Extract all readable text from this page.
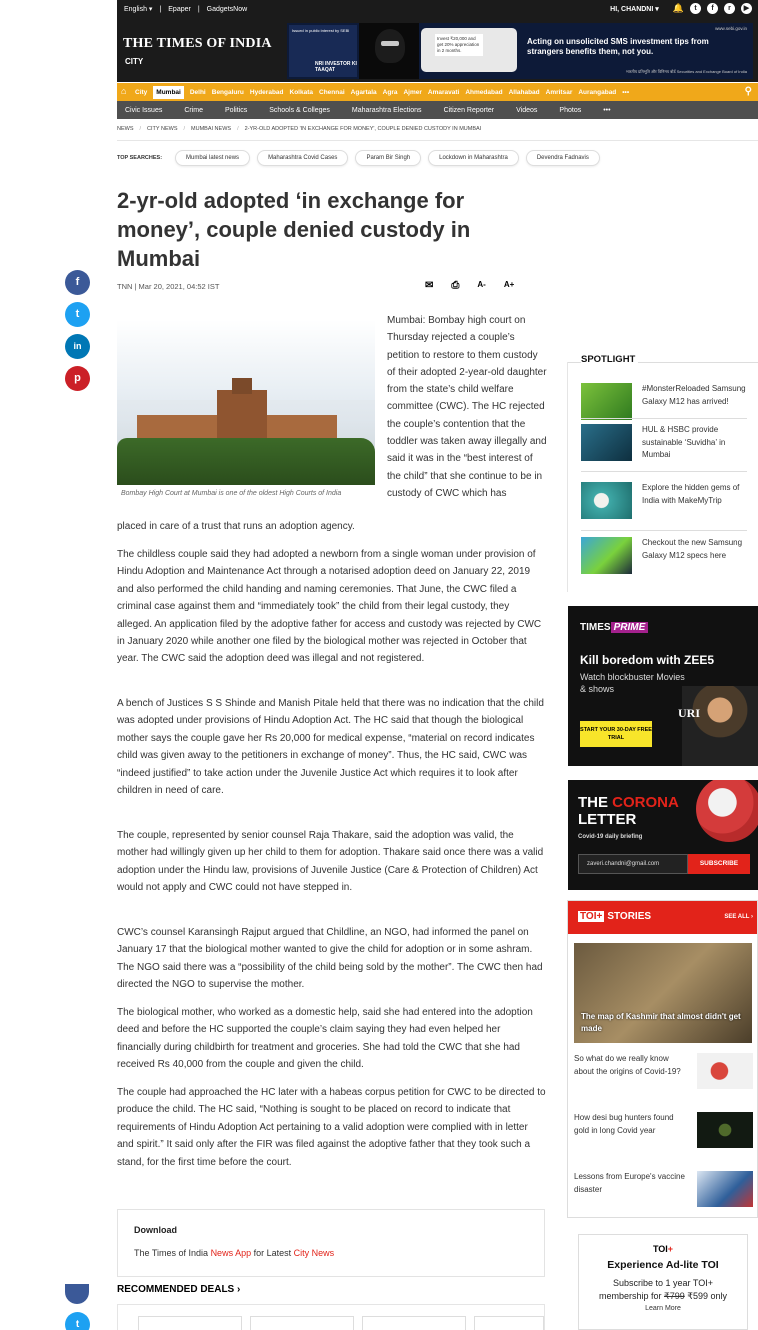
English ▾ | Epaper | GadgetsNow	HI, CHANDNI ▾ 🔔	t	f	r	▶
THE TIMES OF INDIA
CITY
Issued in public interest by SEBI
NRI INVESTOR KI TAAQAT
Invest ₹20,000 and get 20% appreciation in 2 months.
Acting on unsolicited SMS investment tips from strangers benefits them, not you.
www.sebi.gov.in
भारतीय प्रतिभूति और विनिमय बोर्ड Securities and Exchange Board of India
⌂	City	Mumbai	Delhi Bengaluru Hyderabad Kolkata Chennai Agartala Agra Ajmer Amaravati Ahmedabad Allahabad Amritsar Aurangabad •••	⚲
Civic Issues	Crime	Politics	Schools & Colleges	Maharashtra Elections	Citizen Reporter	Videos	Photos	•••
NEWS / CITY NEWS / MUMBAI NEWS / 2-YR-OLD ADOPTED 'IN EXCHANGE FOR MONEY', COUPLE DENIED CUSTODY IN MUMBAI
TOP SEARCHES:	Mumbai latest news	Maharashtra Covid Cases	Param Bir Singh	Lockdown in Maharashtra	Devendra Fadnavis
2-yr-old adopted ‘in exchange for money’, couple denied custody in Mumbai
TNN | Mar 20, 2021, 04:52 IST	✉ ⎙ A- A+
f
t
in
p
t
Bombay High Court at Mumbai is one of the oldest High Courts of India
Mumbai: Bombay high court on Thursday rejected a couple’s petition to restore to them custody of their adopted 2-year-old daughter from the state’s child welfare committee (CWC). The HC rejected the couple’s contention that the toddler was taken away illegally and said it was in the “best interest of the child” that she continue to be in custody of CWC which has
placed in care of a trust that runs an adoption agency.
The childless couple said they had adopted a newborn from a single woman under provision of Hindu Adoption and Maintenance Act through a notarised adoption deed on January 22, 2019 and also performed the child handing and naming ceremonies. That June, the CWC filed a criminal case against them and “immediately took” the child from their legal custody, they alleged. An application filed by the adoptive father for access and custody was rejected by CWC in January 2020 while another one filed by the biological mother was rejected in October that year. The CWC said the adoption deed was illegal and not registered.
A bench of Justices S S Shinde and Manish Pitale held that there was no indication that the child was adopted under provisions of Hindu Adoption Act. The HC said that though the biological mother says the couple gave her Rs 20,000 for medical expense, “material on record indicates child was given away to the petitioners in exchange of money”. Thus, the HC said, CWC was “indeed justified” to take action under the Juvenile Justice Act which requires it to look after children in need of care.
The couple, represented by senior counsel Raja Thakare, said the adoption was valid, the mother had willingly given up her child to them for adoption. Thakare said once there was a valid adoption under the Hindu law, provisions of Juvenile Justice (Care & Protection of Children) Act would not apply and CWC could not have stepped in.
CWC’s counsel Karansingh Rajput argued that Childline, an NGO, had informed the panel on January 17 that the biological mother wanted to give the child for adoption or in some ashram. The NGO said there was a “possibility of the child being sold by the mother”. The CWC then had directed the NGO to supervise the mother.
The biological mother, who worked as a domestic help, said she had entered into the adoption deed and before the HC supported the couple’s claim saying they had even helped her financially during childbirth for treatment and groceries. She had told the CWC that she had received Rs 40,000 from the couple and given the child.
The couple had approached the HC later with a habeas corpus petition for CWC to be directed to produce the child. The HC said, “Nothing is sought to be placed on record to indicate that requirements of Hindu Adoption Act pertaining to a valid adoption were complied with in letter and spirit.” It said only after the FIR was filed against the adoptive father that they took such a stand, for the first time before the court.
Download
The Times of India News App for Latest City News
RECOMMENDED DEALS ›
SPOTLIGHT
#MonsterReloaded Samsung Galaxy M12 has arrived!
HUL & HSBC provide sustainable ‘Suvidha’ in Mumbai
Explore the hidden gems of India with MakeMyTrip
Checkout the new Samsung Galaxy M12 specs here
TIMES PRIME
Kill boredom with ZEE5
Watch blockbuster Movies & shows
URI
START YOUR 30-DAY FREE TRIAL
THE CORONA
LETTER
Covid-19 daily briefing
zaveri.chandni@gmail.com	SUBSCRIBE
TOI+ STORIES	SEE ALL ›
The map of Kashmir that almost didn't get made
So what do we really know about the origins of Covid-19?
How desi bug hunters found gold in long Covid year
Lessons from Europe's vaccine disaster
TOI+
Experience Ad-lite TOI
Subscribe to 1 year TOI+ membership for ₹799 ₹599 only
Learn More
